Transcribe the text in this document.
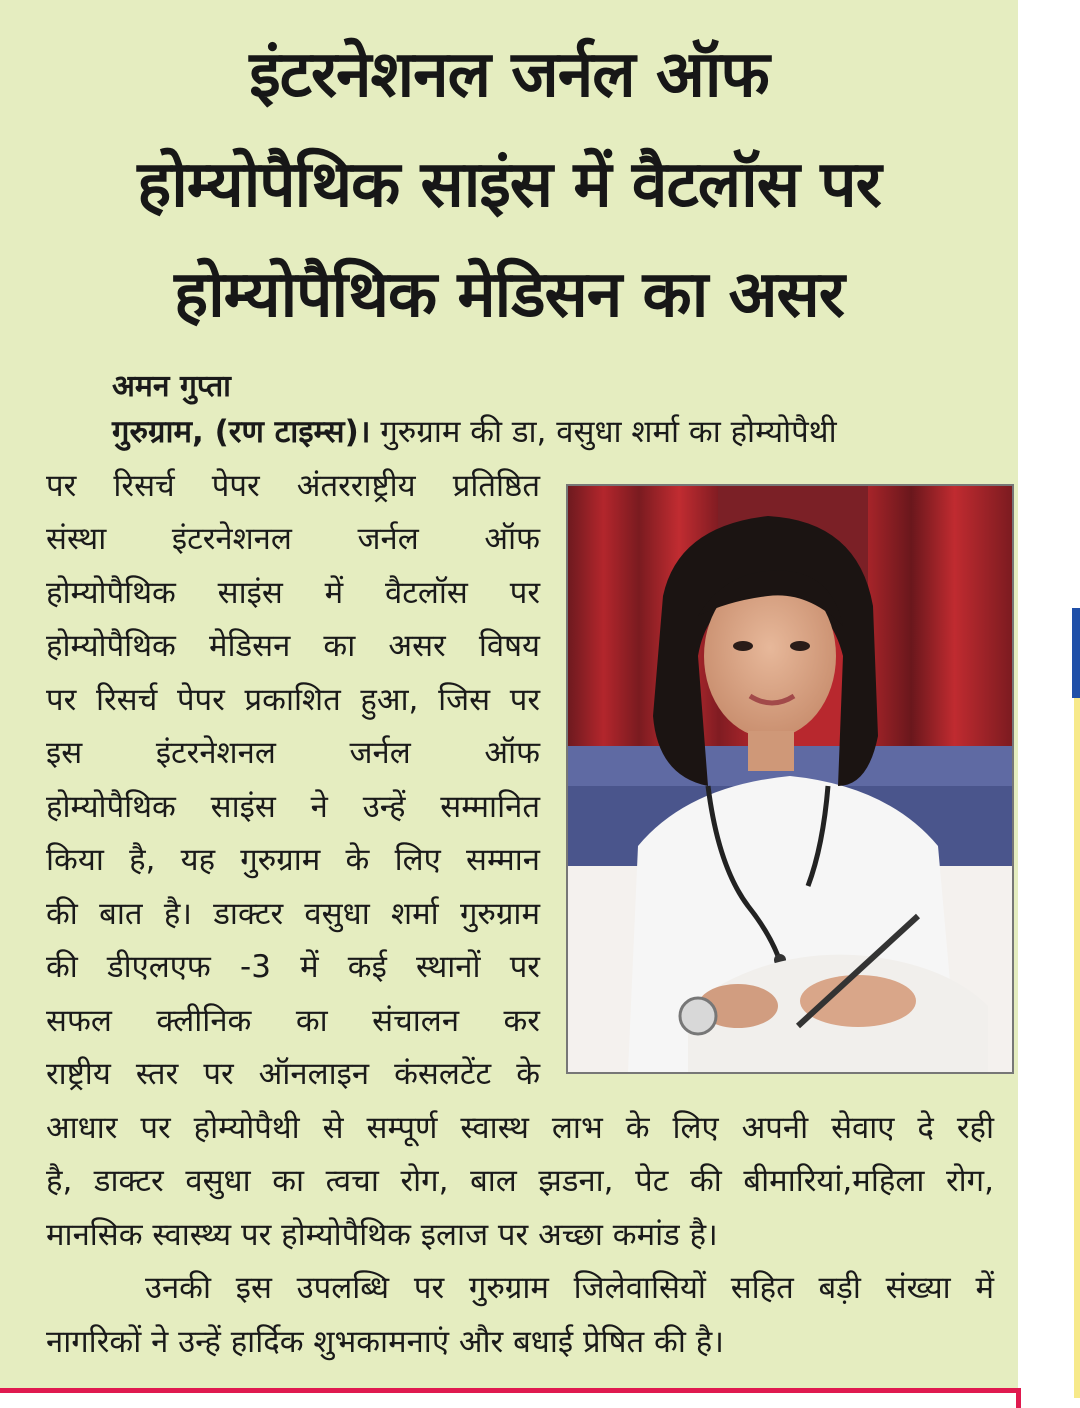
इंटरनेशनल जर्नल ऑफ
होम्योपैथिक साइंस में वैटलॉस पर
होम्योपैथिक मेडिसन का असर
अमन गुप्ता
गुरुग्राम, (रण टाइम्स)। गुरुग्राम की डा, वसुधा शर्मा का होम्योपैथी
पर रिसर्च पेपर अंतरराष्ट्रीय प्रतिष्ठित
संस्था इंटरनेशनल जर्नल ऑफ
होम्योपैथिक साइंस में वैटलॉस पर
होम्योपैथिक मेडिसन का असर विषय
पर रिसर्च पेपर प्रकाशित हुआ, जिस पर
इस इंटरनेशनल जर्नल ऑफ
होम्योपैथिक साइंस ने उन्हें सम्मानित
किया है, यह गुरुग्राम के लिए सम्मान
की बात है। डाक्टर वसुधा शर्मा गुरुग्राम
की डीएलएफ -3 में कई स्थानों पर
सफल क्लीनिक का संचालन कर
राष्ट्रीय स्तर पर ऑनलाइन कंसलटेंट के
आधार पर होम्योपैथी से सम्पूर्ण स्वास्थ लाभ के लिए अपनी सेवाए दे रही
है, डाक्टर वसुधा का त्वचा रोग, बाल झडना, पेट की बीमारियां,महिला रोग,
मानसिक स्वास्थ्य पर होम्योपैथिक इलाज पर अच्छा कमांड है।
उनकी इस उपलब्धि पर गुरुग्राम जिलेवासियों सहित बड़ी संख्या में
नागरिकों ने उन्हें हार्दिक शुभकामनाएं और बधाई प्रेषित की है।
